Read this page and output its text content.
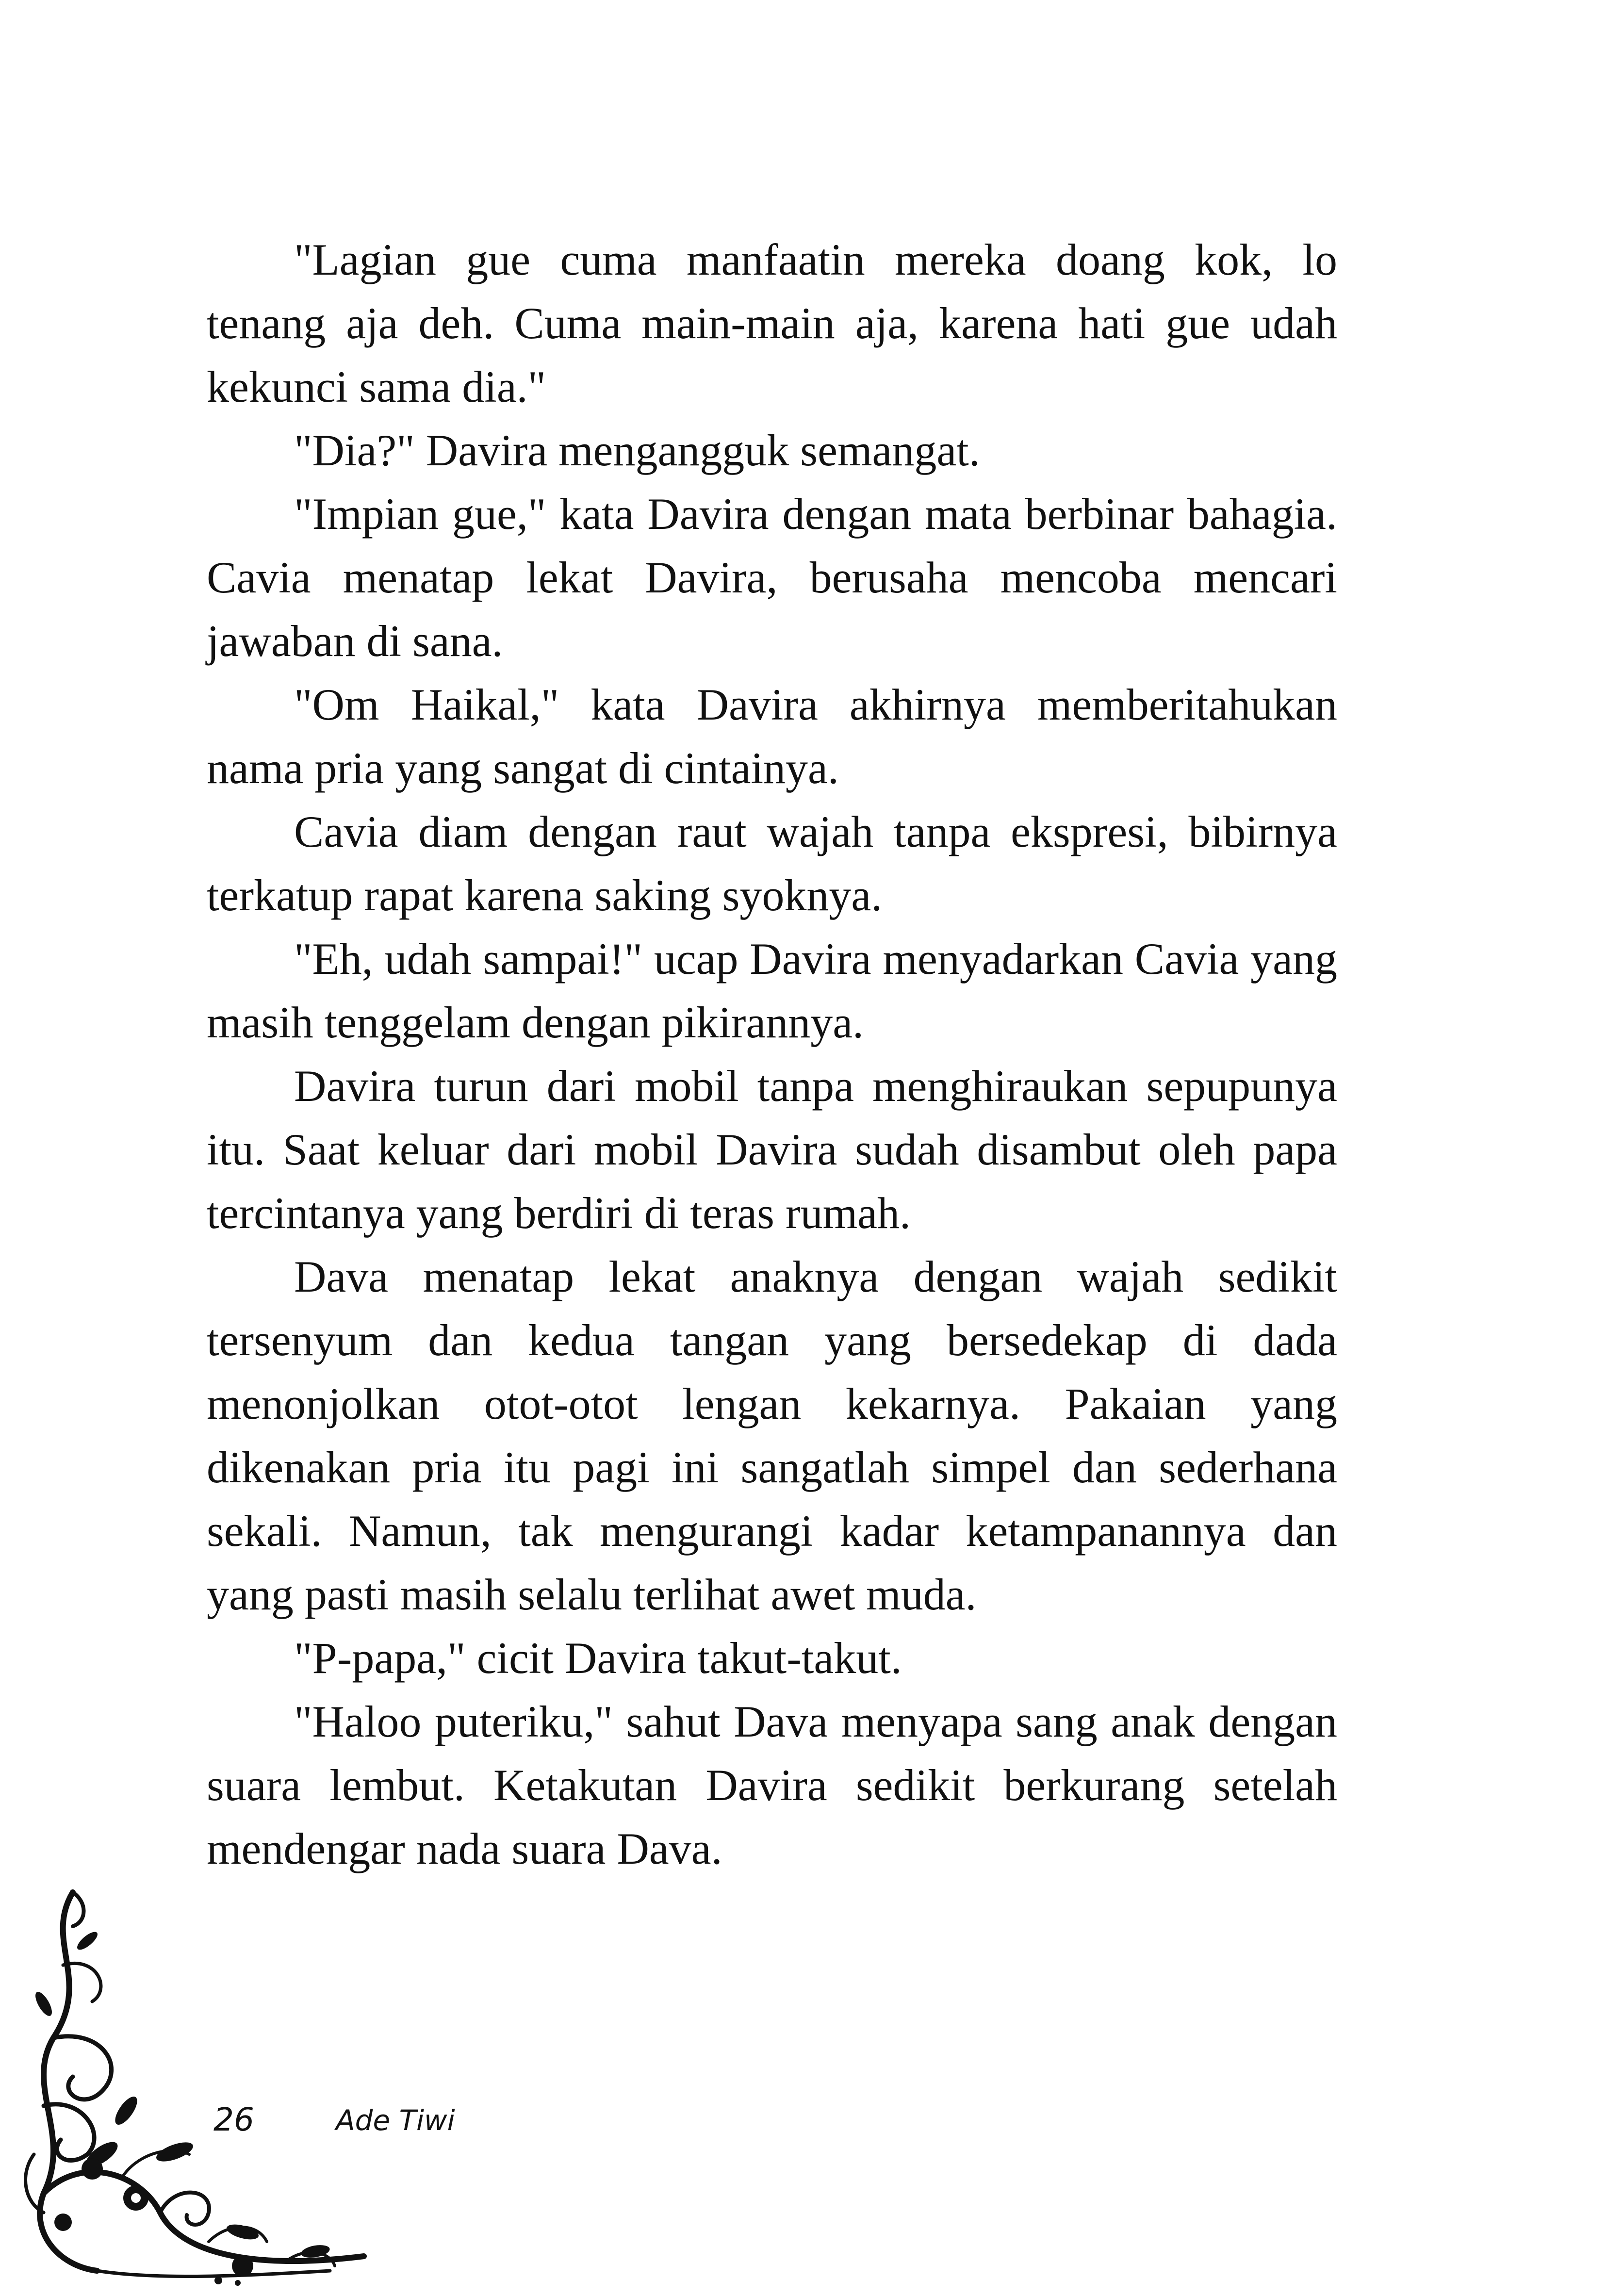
"Lagian gue cuma manfaatin mereka doang kok, lo tenang aja deh. Cuma main-main aja, karena hati gue udah kekunci sama dia."

"Dia?" Davira mengangguk semangat.

"Impian gue," kata Davira dengan mata berbinar bahagia. Cavia menatap lekat Davira, berusaha mencoba mencari jawaban di sana.

"Om Haikal," kata Davira akhirnya memberitahukan nama pria yang sangat di cintainya.

Cavia diam dengan raut wajah tanpa ekspresi, bibirnya terkatup rapat karena saking syoknya.

"Eh, udah sampai!" ucap Davira menyadarkan Cavia yang masih tenggelam dengan pikirannya.

Davira turun dari mobil tanpa menghiraukan sepupunya itu. Saat keluar dari mobil Davira sudah disambut oleh papa tercintanya yang berdiri di teras rumah.

Dava menatap lekat anaknya dengan wajah sedikit tersenyum dan kedua tangan yang bersedekap di dada menonjolkan otot-otot lengan kekarnya. Pakaian yang dikenakan pria itu pagi ini sangatlah simpel dan sederhana sekali. Namun, tak mengurangi kadar ketampanannya dan yang pasti masih selalu terlihat awet muda.

"P-papa," cicit Davira takut-takut.

"Haloo puteriku," sahut Dava menyapa sang anak dengan suara lembut. Ketakutan Davira sedikit berkurang setelah mendengar nada suara Dava.

26	Ade Tiwi
